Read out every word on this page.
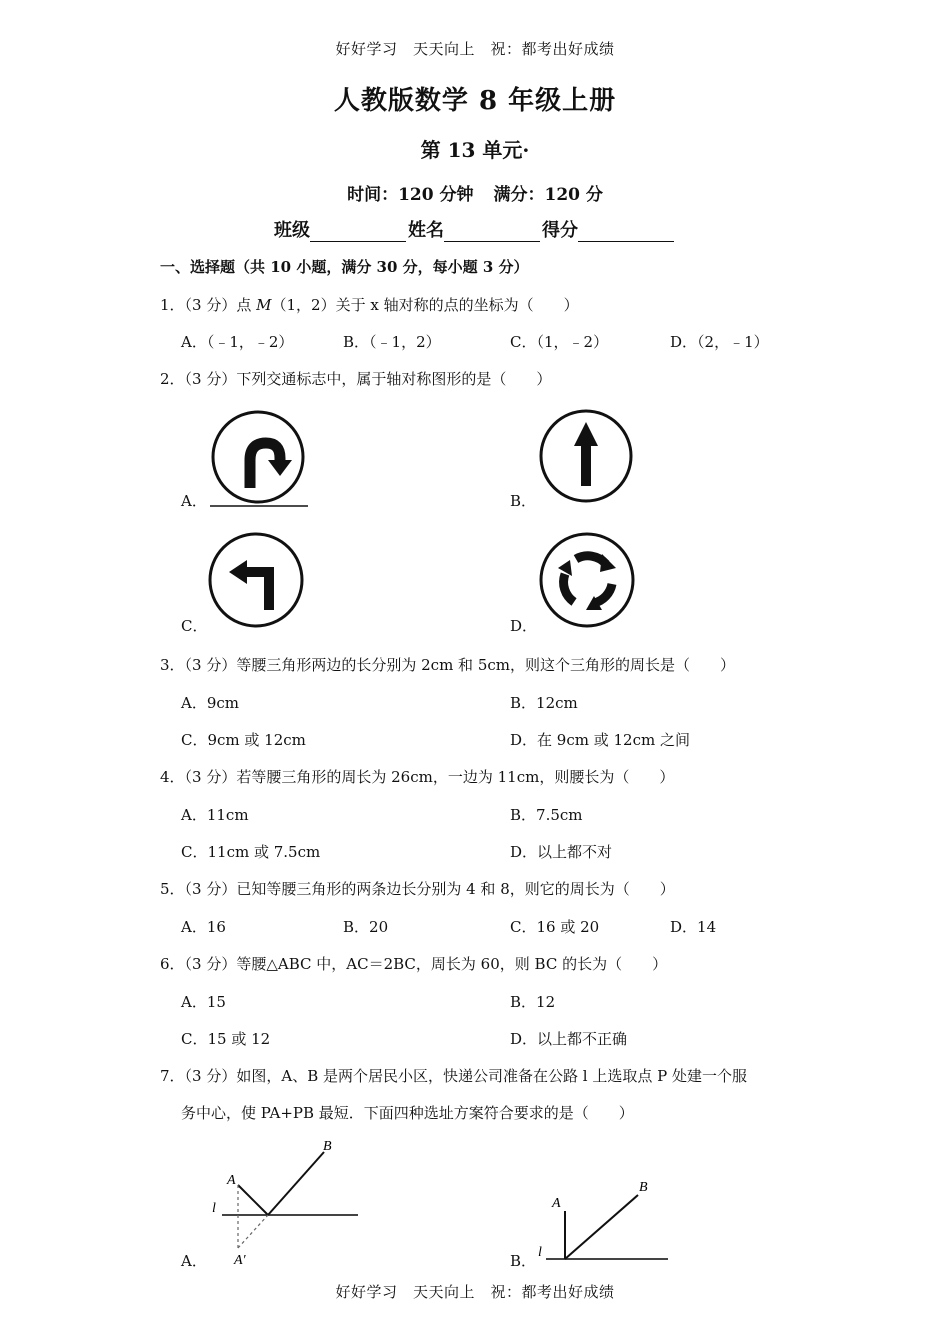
好好学习　天天向上　祝：都考出好成绩
人教版数学 8 年级上册
第 13 单元·
时间：120 分钟 满分：120 分
班级	姓名	得分
一、选择题（共 10 小题，满分 30 分，每小题 3 分）
1．（3 分）点 M（1，2）关于 x 轴对称的点的坐标为（　　）
A．（﹣1，﹣2）	B．（﹣1，2）	C．（1，﹣2）	D．（2，﹣1）
2．（3 分）下列交通标志中，属于轴对称图形的是（　　）
A．	B．
C．	D．
3．（3 分）等腰三角形两边的长分别为 2cm 和 5cm，则这个三角形的周长是（　　）
A．9cm	B．12cm
C．9cm 或 12cm	D．在 9cm 或 12cm 之间
4．（3 分）若等腰三角形的周长为 26cm，一边为 11cm，则腰长为（　　）
A．11cm	B．7.5cm
C．11cm 或 7.5cm	D．以上都不对
5．（3 分）已知等腰三角形的两条边长分别为 4 和 8，则它的周长为（　　）
A．16	B．20	C．16 或 20	D．14
6．（3 分）等腰△ABC 中，AC＝2BC，周长为 60，则 BC 的长为（　　）
A．15	B．12
C．15 或 12	D．以上都不正确
7．（3 分）如图，A、B 是两个居民小区，快递公司准备在公路 l 上选取点 P 处建一个服
务中心，使 PA+PB 最短．下面四种选址方案符合要求的是（　　）
A．	B．
A
B
l
A′
A
B
l
好好学习　天天向上　祝：都考出好成绩
